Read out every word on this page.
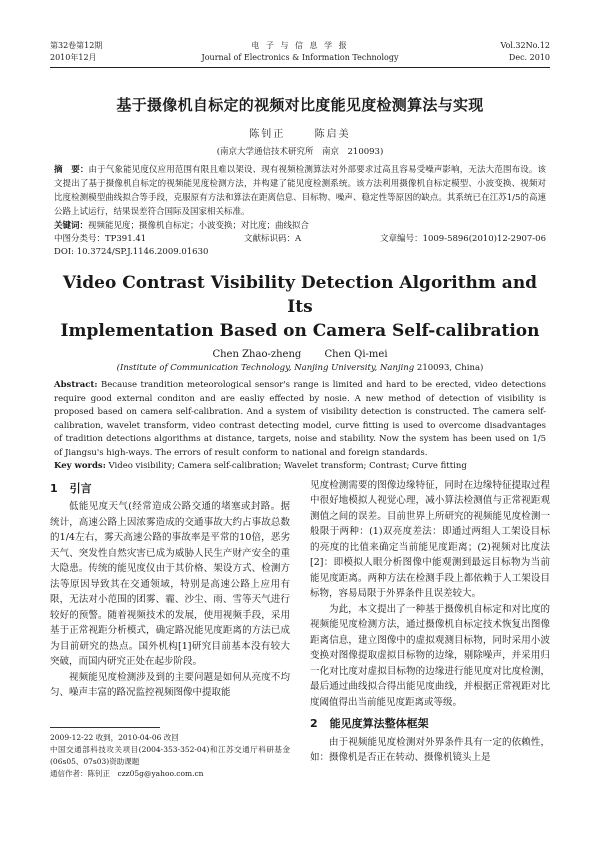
第32卷第12期
2010年12月
电 子 与 信 息 学 报
Journal of Electronics & Information Technology
Vol.32No.12
Dec. 2010
基于摄像机自标定的视频对比度能见度检测算法与实现
陈钊正	陈启美
(南京大学通信技术研究所　南京　210093)
摘　要：由于气象能见度仪应用范围有限且难以架设、现有视频检测算法对外部要求过高且容易受噪声影响，无法大范围布设。该文提出了基于摄像机自标定的视频能见度检测方法，并构建了能见度检测系统。该方法利用摄像机自标定模型、小波变换、视频对比度检测模型曲线拟合等手段，克服原有方法和算法在距离信息、目标物、噪声、稳定性等原因的缺点。其系统已在江苏1/5的高速公路上试运行，结果误差符合国际及国家相关标准。
关键词：视频能见度；摄像机自标定；小波变换；对比度；曲线拟合
中图分类号：TP391.41	文献标识码：A	文章编号：1009-5896(2010)12-2907-06
DOI: 10.3724/SP.J.1146.2009.01630
Video Contrast Visibility Detection Algorithm and Its
Implementation Based on Camera Self-calibration
Chen Zhao-zheng Chen Qi-mei
(Institute of Communication Technology, Nanjing University, Nanjing 210093, China)
Abstract: Because trandition meteorological sensor's range is limited and hard to be erected, video detections require good external conditon and are easliy effected by nosie. A new method of detection of visibility is proposed based on camera self-calibration. And a system of visibility detection is constructed. The camera self-calibration, wavelet transform, video contrast detecting model, curve fitting is used to overcome disadvantages of tradition detections algorithms at distance, targets, noise and stability. Now the system has been used on 1/5 of Jiangsu's high-ways. The errors of result conform to national and foreign standards.
Key words: Video visibility; Camera self-calibration; Wavelet transform; Contrast; Curve fitting
1 引言

低能见度天气(经常造成公路交通的堵塞或封路。据统计，高速公路上因浓雾造成的交通事故大约占事故总数的1/4左右，雾天高速公路的事故率是平常的10倍，恶劣天气、突发性自然灾害已成为威胁人民生产财产安全的重大隐患。传统的能见度仪由于其价格、架设方式、检测方法等原因导致其在交通领域，特别是高速公路上应用有限，无法对小范围的团雾、霾、沙尘、雨、雪等天气进行较好的预警。随着视频技术的发展，使用视频手段，采用基于正常视距分析模式，确定路况能见度距离的方法已成为目前研究的热点。国外机构[1]研究目前基本没有较大突破，而国内研究正处在起步阶段。

视频能见度检测涉及到的主要问题是如何从亮度不均匀、噪声丰富的路况监控视频图像中提取能

2009-12-22 收到，2010-04-06 改回
中国交通部科技攻关项目(2004-353-352-04)和江苏交通厅科研基金(06s05、07s03)资助课题
通信作者：陈钊正　czz05g@yahoo.com.cn

见度检测需要的图像边缘特征，同时在边缘特征提取过程中很好地模拟人视觉心理，减小算法检测值与正常视距观测值之间的误差。目前世界上所研究的视频能见度检测一般限于两种：(1)双亮度差法：即通过两组人工架设目标的亮度的比值来确定当前能见度距离；(2)视频对比度法[2]：即模拟人眼分析图像中能观测到最远目标物为当前能见度距离。两种方法在检测手段上都依赖于人工架设目标物，容易局限于外界条件且误差较大。

为此，本文提出了一种基于摄像机自标定和对比度的视频能见度检测方法，通过摄像机自标定技术恢复出图像距离信息，建立图像中的虚拟观测目标物，同时采用小波变换对图像提取虚拟目标物的边缘，剔除噪声，并采用归一化对比度对虚拟目标物的边缘进行能见度对比度检测，最后通过曲线拟合得出能见度曲线，并根据正常视距对比度阈值得出当前能见度距离或等级。

2 能见度算法整体框架

由于视频能见度检测对外界条件具有一定的依赖性，如：摄像机是否正在转动、摄像机镜头上是
